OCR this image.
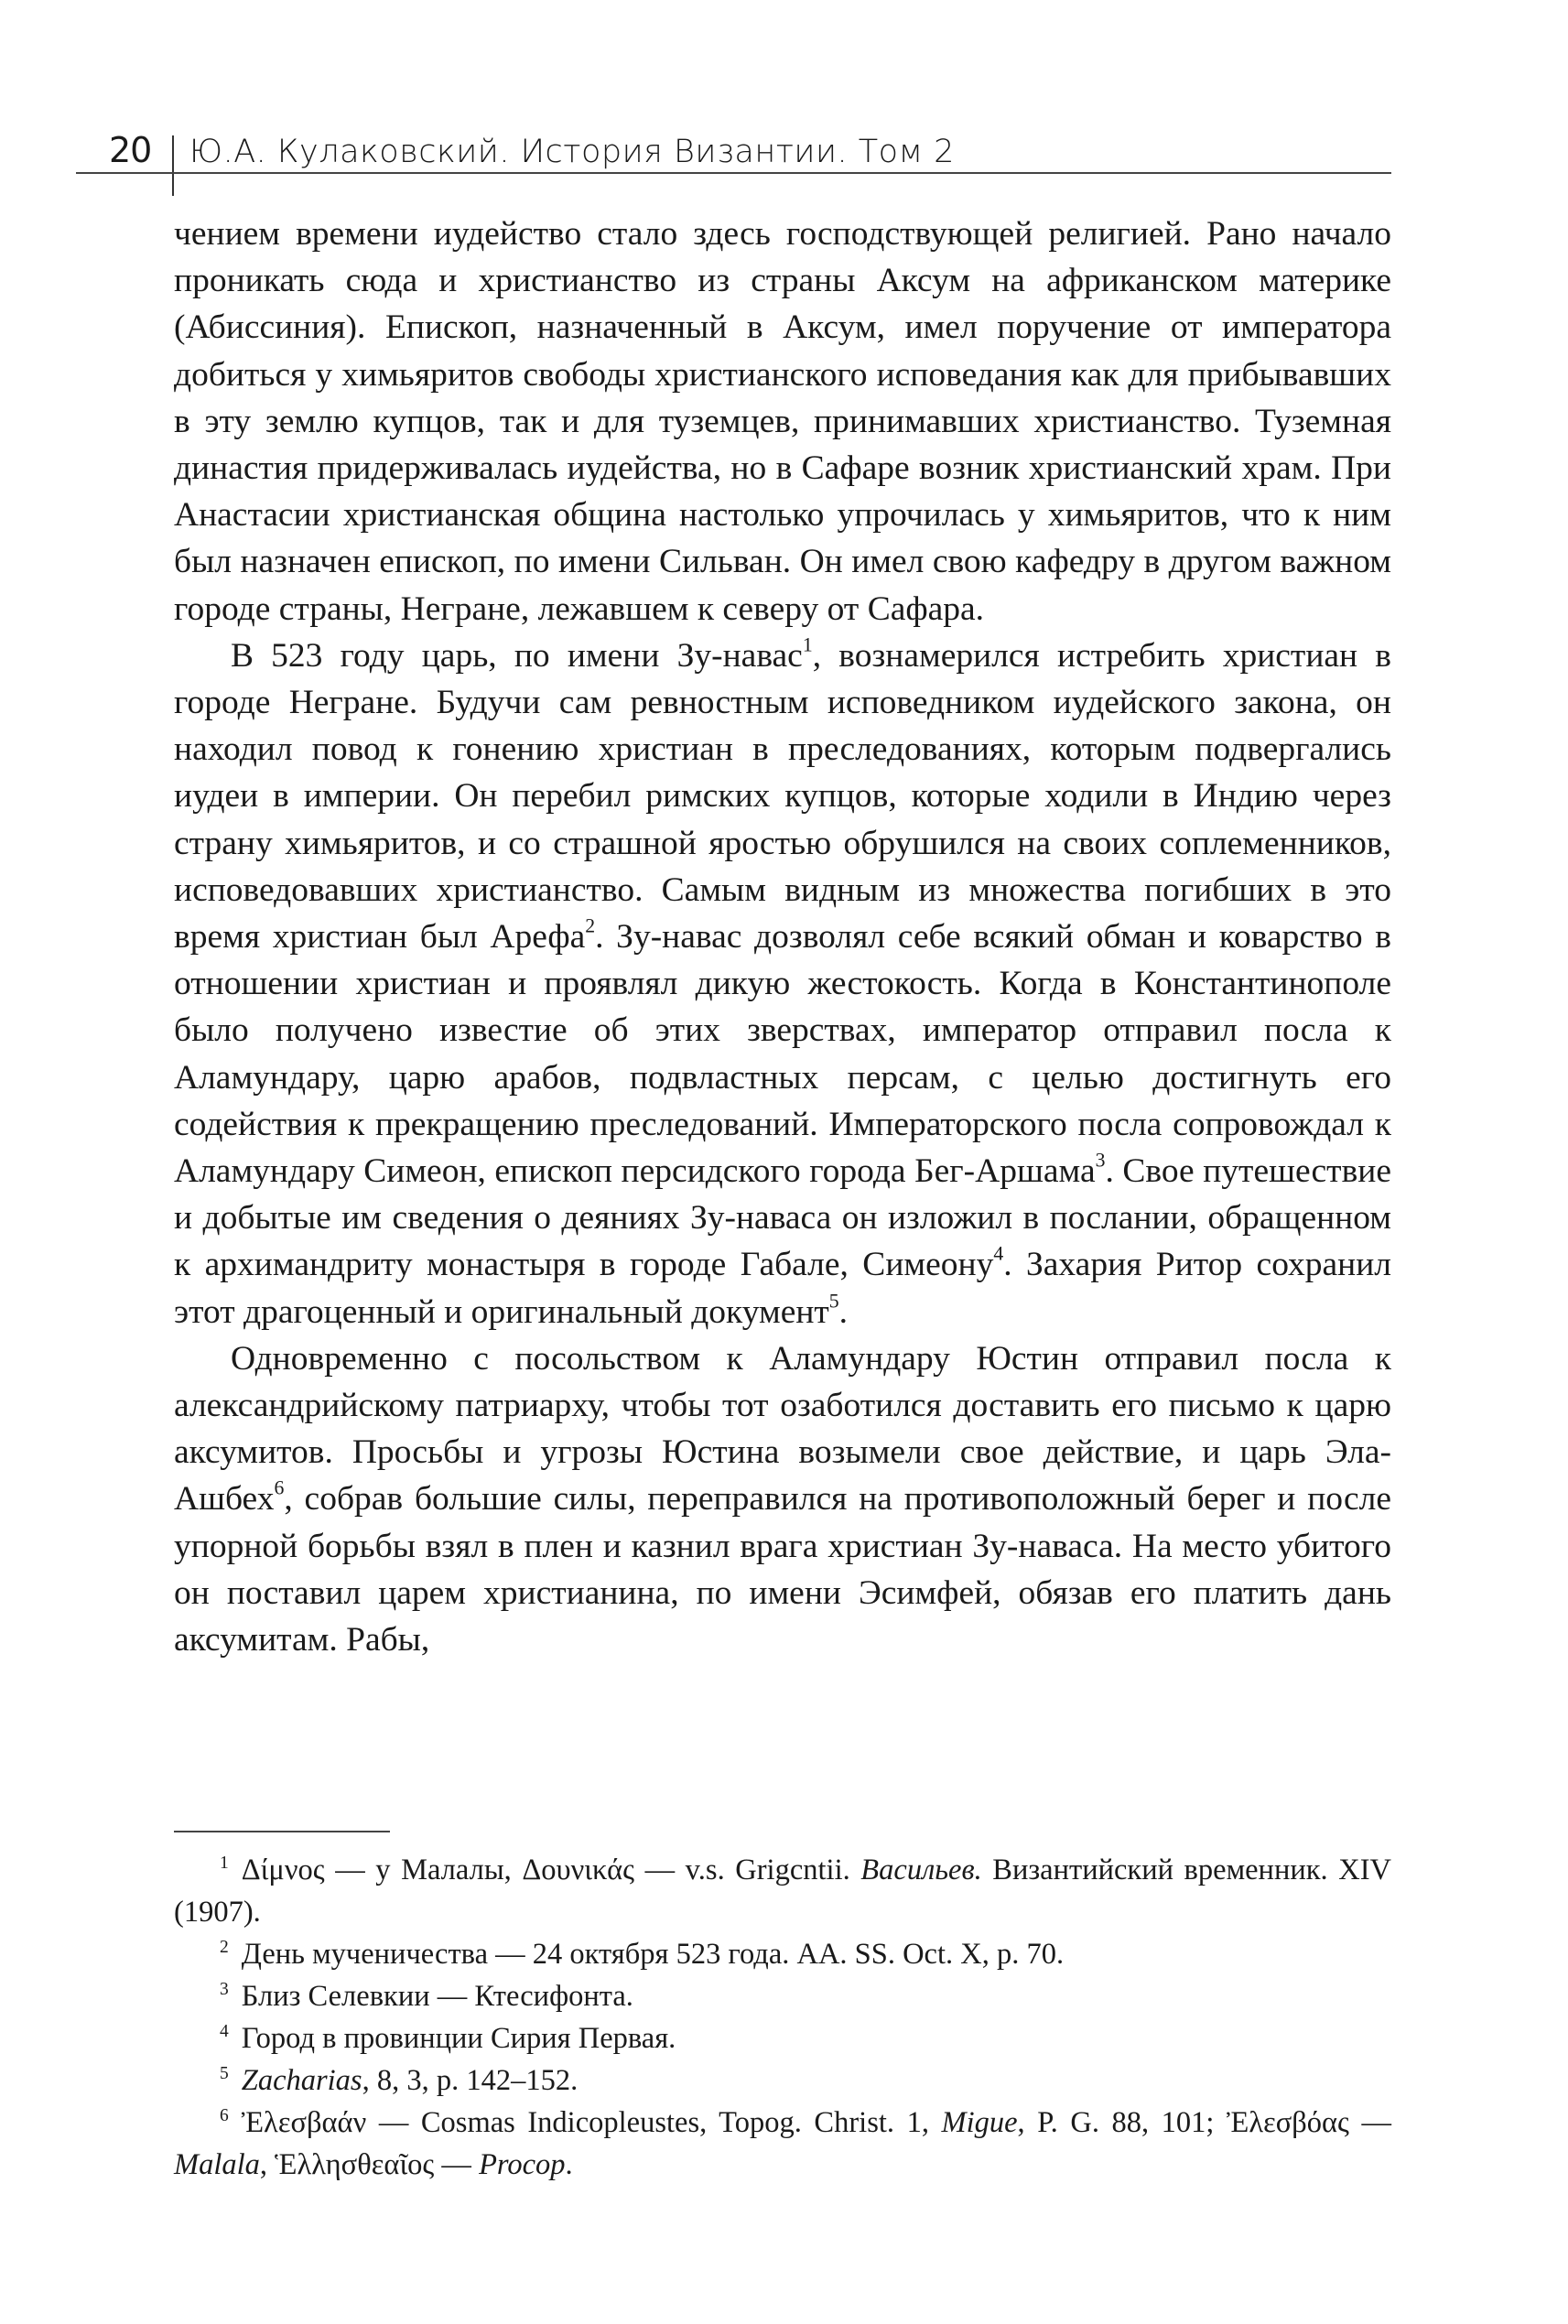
20 Ю.А. Кулаковский. История Византии. Том 2

чением времени иудейство стало здесь господствующей религией. Рано начало проникать сюда и христианство из страны Аксум на африканском материке (Абиссиния). Епископ, назначенный в Аксум, имел поручение от императора добиться у химьяритов свободы христианского исповедания как для прибывавших в эту землю купцов, так и для туземцев, принимавших христианство. Туземная династия придерживалась иудейства, но в Сафаре возник христианский храм. При Анастасии христианская община настолько упрочилась у химьяритов, что к ним был назначен епископ, по имени Сильван. Он имел свою кафедру в другом важном городе страны, Негране, лежавшем к северу от Сафара.

В 523 году царь, по имени Зу-навас$^1$, вознамерился истребить христиан в городе Негране. Будучи сам ревностным исповедником иудейского закона, он находил повод к гонению христиан в преследованиях, которым подвергались иудеи в империи. Он перебил римских купцов, которые ходили в Индию через страну химьяритов, и со страшной яростью обрушился на своих соплеменников, исповедовавших христианство. Самым видным из множества погибших в это время христиан был Арефа$^2$. Зу-навас дозволял себе всякий обман и коварство в отношении христиан и проявлял дикую жестокость. Когда в Константинополе было получено известие об этих зверствах, император отправил посла к Аламундару, царю арабов, подвластных персам, с целью достигнуть его содействия к прекращению преследований. Императорского посла сопровождал к Аламундару Симеон, епископ персидского города Бег-Аршама$^3$. Свое путешествие и добытые им сведения о деяниях Зу-наваса он изложил в послании, обращенном к архимандриту монастыря в городе Габале, Симеону$^4$. Захария Ритор сохранил этот драгоценный и оригинальный документ$^5$.

Одновременно с посольством к Аламундару Юстин отправил посла к александрийскому патриарху, чтобы тот озаботился доставить его письмо к царю аксумитов. Просьбы и угрозы Юстина возымели свое действие, и царь Эла-Ашбех$^6$, собрав большие силы, переправился на противоположный берег и после упорной борьбы взял в плен и казнил врага христиан Зу-наваса. На место убитого он поставил царем христианина, по имени Эсимфей, обязав его платить дань аксумитам. Рабы,

$^1$ Δίμνος — у Малалы, Δουνικάς — v.s. Grigcntii. Васильев. Византийский временник. XIV (1907).

$^2$ День мученичества — 24 октября 523 года. AA. SS. Oct. X, p. 70.

$^3$ Близ Селевкии — Ктесифонта.

$^4$ Город в провинции Сирия Первая.

$^5$ Zacharias, 8, 3, p. 142–152.

$^6$ Ἐλεσβαάν — Cosmas Indicopleustes, Topog. Christ. 1, Migue, P. G. 88, 101; Ἐλεσβόας — Malala, Ἑλλησθεαῖος — Procop.
